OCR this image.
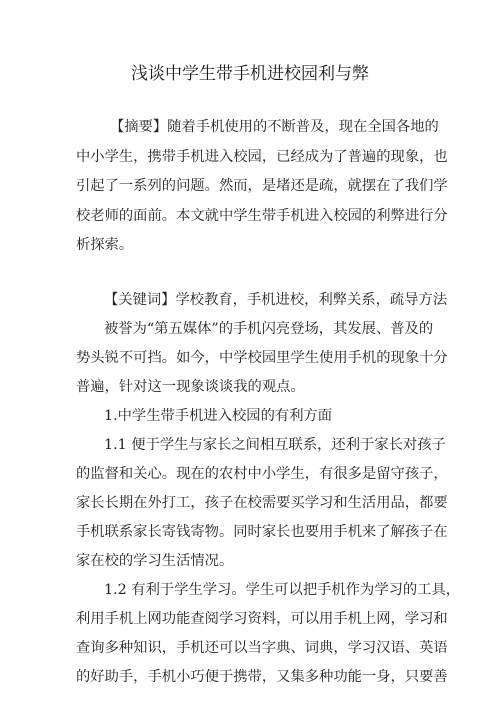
浅谈中学生带手机进校园利与弊
【摘要】随着手机使用的不断普及，现在全国各地的
中小学生，携带手机进入校园，已经成为了普遍的现象，也
引起了一系列的问题。然而，是堵还是疏，就摆在了我们学
校老师的面前。本文就中学生带手机进入校园的利弊进行分
析探索。
【关键词】学校教育，手机进校，利弊关系，疏导方法
被誉为“第五媒体”的手机闪亮登场，其发展、普及的
势头锐不可挡。如今，中学校园里学生使用手机的现象十分
普遍，针对这一现象谈谈我的观点。
1.中学生带手机进入校园的有利方面
1.1 便于学生与家长之间相互联系，还利于家长对孩子
的监督和关心。现在的农村中小学生，有很多是留守孩子，
家长长期在外打工，孩子在校需要买学习和生活用品，都要
手机联系家长寄钱寄物。同时家长也要用手机来了解孩子在
家在校的学习生活情况。
1.2 有利于学生学习。学生可以把手机作为学习的工具，
利用手机上网功能查阅学习资料，可以用手机上网，学习和
查询多种知识，手机还可以当字典、词典，学习汉语、英语
的好助手，手机小巧便于携带，又集多种功能一身，只要善
